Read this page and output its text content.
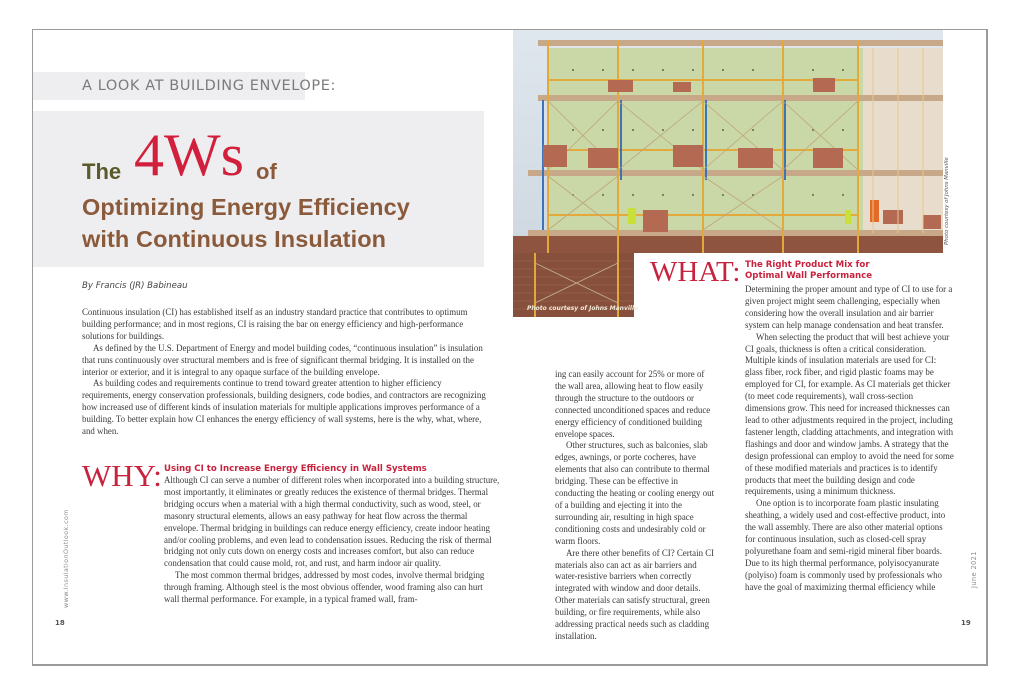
A LOOK AT BUILDING ENVELOPE:
The 4Ws of
Optimizing Energy Efficiency
with Continuous Insulation
By Francis (JR) Babineau

Continuous insulation (CI) has established itself as an industry standard practice that contributes to optimum building performance; and in most regions, CI is raising the bar on energy efficiency and high-performance solutions for buildings.

As defined by the U.S. Department of Energy and model building codes, “continuous insulation” is insulation that runs continuously over structural members and is free of significant thermal bridging. It is installed on the interior or exterior, and it is integral to any opaque surface of the building envelope.

As building codes and requirements continue to trend toward greater attention to higher efficiency requirements, energy conservation professionals, building designers, code bodies, and contractors are recognizing how increased use of different kinds of insulation materials for multiple applications improves performance of a building. To better explain how CI enhances the energy efficiency of wall systems, here is the why, what, where, and when.

WHY: Using CI to Increase Energy Efficiency in Wall Systems

Although CI can serve a number of different roles when incorporated into a building structure, most importantly, it eliminates or greatly reduces the existence of thermal bridges. Thermal bridging occurs when a material with a high thermal conductivity, such as wood, steel, or masonry structural elements, allows an easy pathway for heat flow across the thermal envelope. Thermal bridging in buildings can reduce energy efficiency, create indoor heating and/or cooling problems, and even lead to condensation issues. Reducing the risk of thermal bridging not only cuts down on energy costs and increases comfort, but also can reduce condensation that could cause mold, rot, and rust, and harm indoor air quality.

The most common thermal bridges, addressed by most codes, involve thermal bridging through framing. Although steel is the most obvious offender, wood framing also can hurt wall thermal performance. For example, in a typical framed wall, fram-

Photo courtesy of Johns Manville
Photo courtesy of Johns Manville

ing can easily account for 25% or more of the wall area, allowing heat to flow easily through the structure to the outdoors or connected unconditioned spaces and reduce energy efficiency of conditioned building envelope spaces.

Other structures, such as balconies, slab edges, awnings, or porte cocheres, have elements that also can contribute to thermal bridging. These can be effective in conducting the heating or cooling energy out of a building and ejecting it into the surrounding air, resulting in high space conditioning costs and undesirably cold or warm floors.

Are there other benefits of CI? Certain CI materials also can act as air barriers and water-resistive barriers when correctly integrated with window and door details. Other materials can satisfy structural, green building, or fire requirements, while also addressing practical needs such as cladding installation.

WHAT: The Right Product Mix for
Optimal Wall Performance

Determining the proper amount and type of CI to use for a given project might seem challenging, especially when considering how the overall insulation and air barrier system can help manage condensation and heat transfer.

When selecting the product that will best achieve your CI goals, thickness is often a critical consideration. Multiple kinds of insulation materials are used for CI: glass fiber, rock fiber, and rigid plastic foams may be employed for CI, for example. As CI materials get thicker (to meet code requirements), wall cross-section dimensions grow. This need for increased thicknesses can lead to other adjustments required in the project, including fastener length, cladding attachments, and integration with flashings and door and window jambs. A strategy that the design professional can employ to avoid the need for some of these modified materials and practices is to identify products that meet the building design and code requirements, using a minimum thickness.

One option is to incorporate foam plastic insulating sheathing, a widely used and cost-effective product, into the wall assembly. There are also other material options for continuous insulation, such as closed-cell spray polyurethane foam and semi-rigid mineral fiber boards. Due to its high thermal performance, polyisocyanurate (polyiso) foam is commonly used by professionals who have the goal of maximizing thermal efficiency while

www.InsulationOutlook.com	June 2021
18	19
